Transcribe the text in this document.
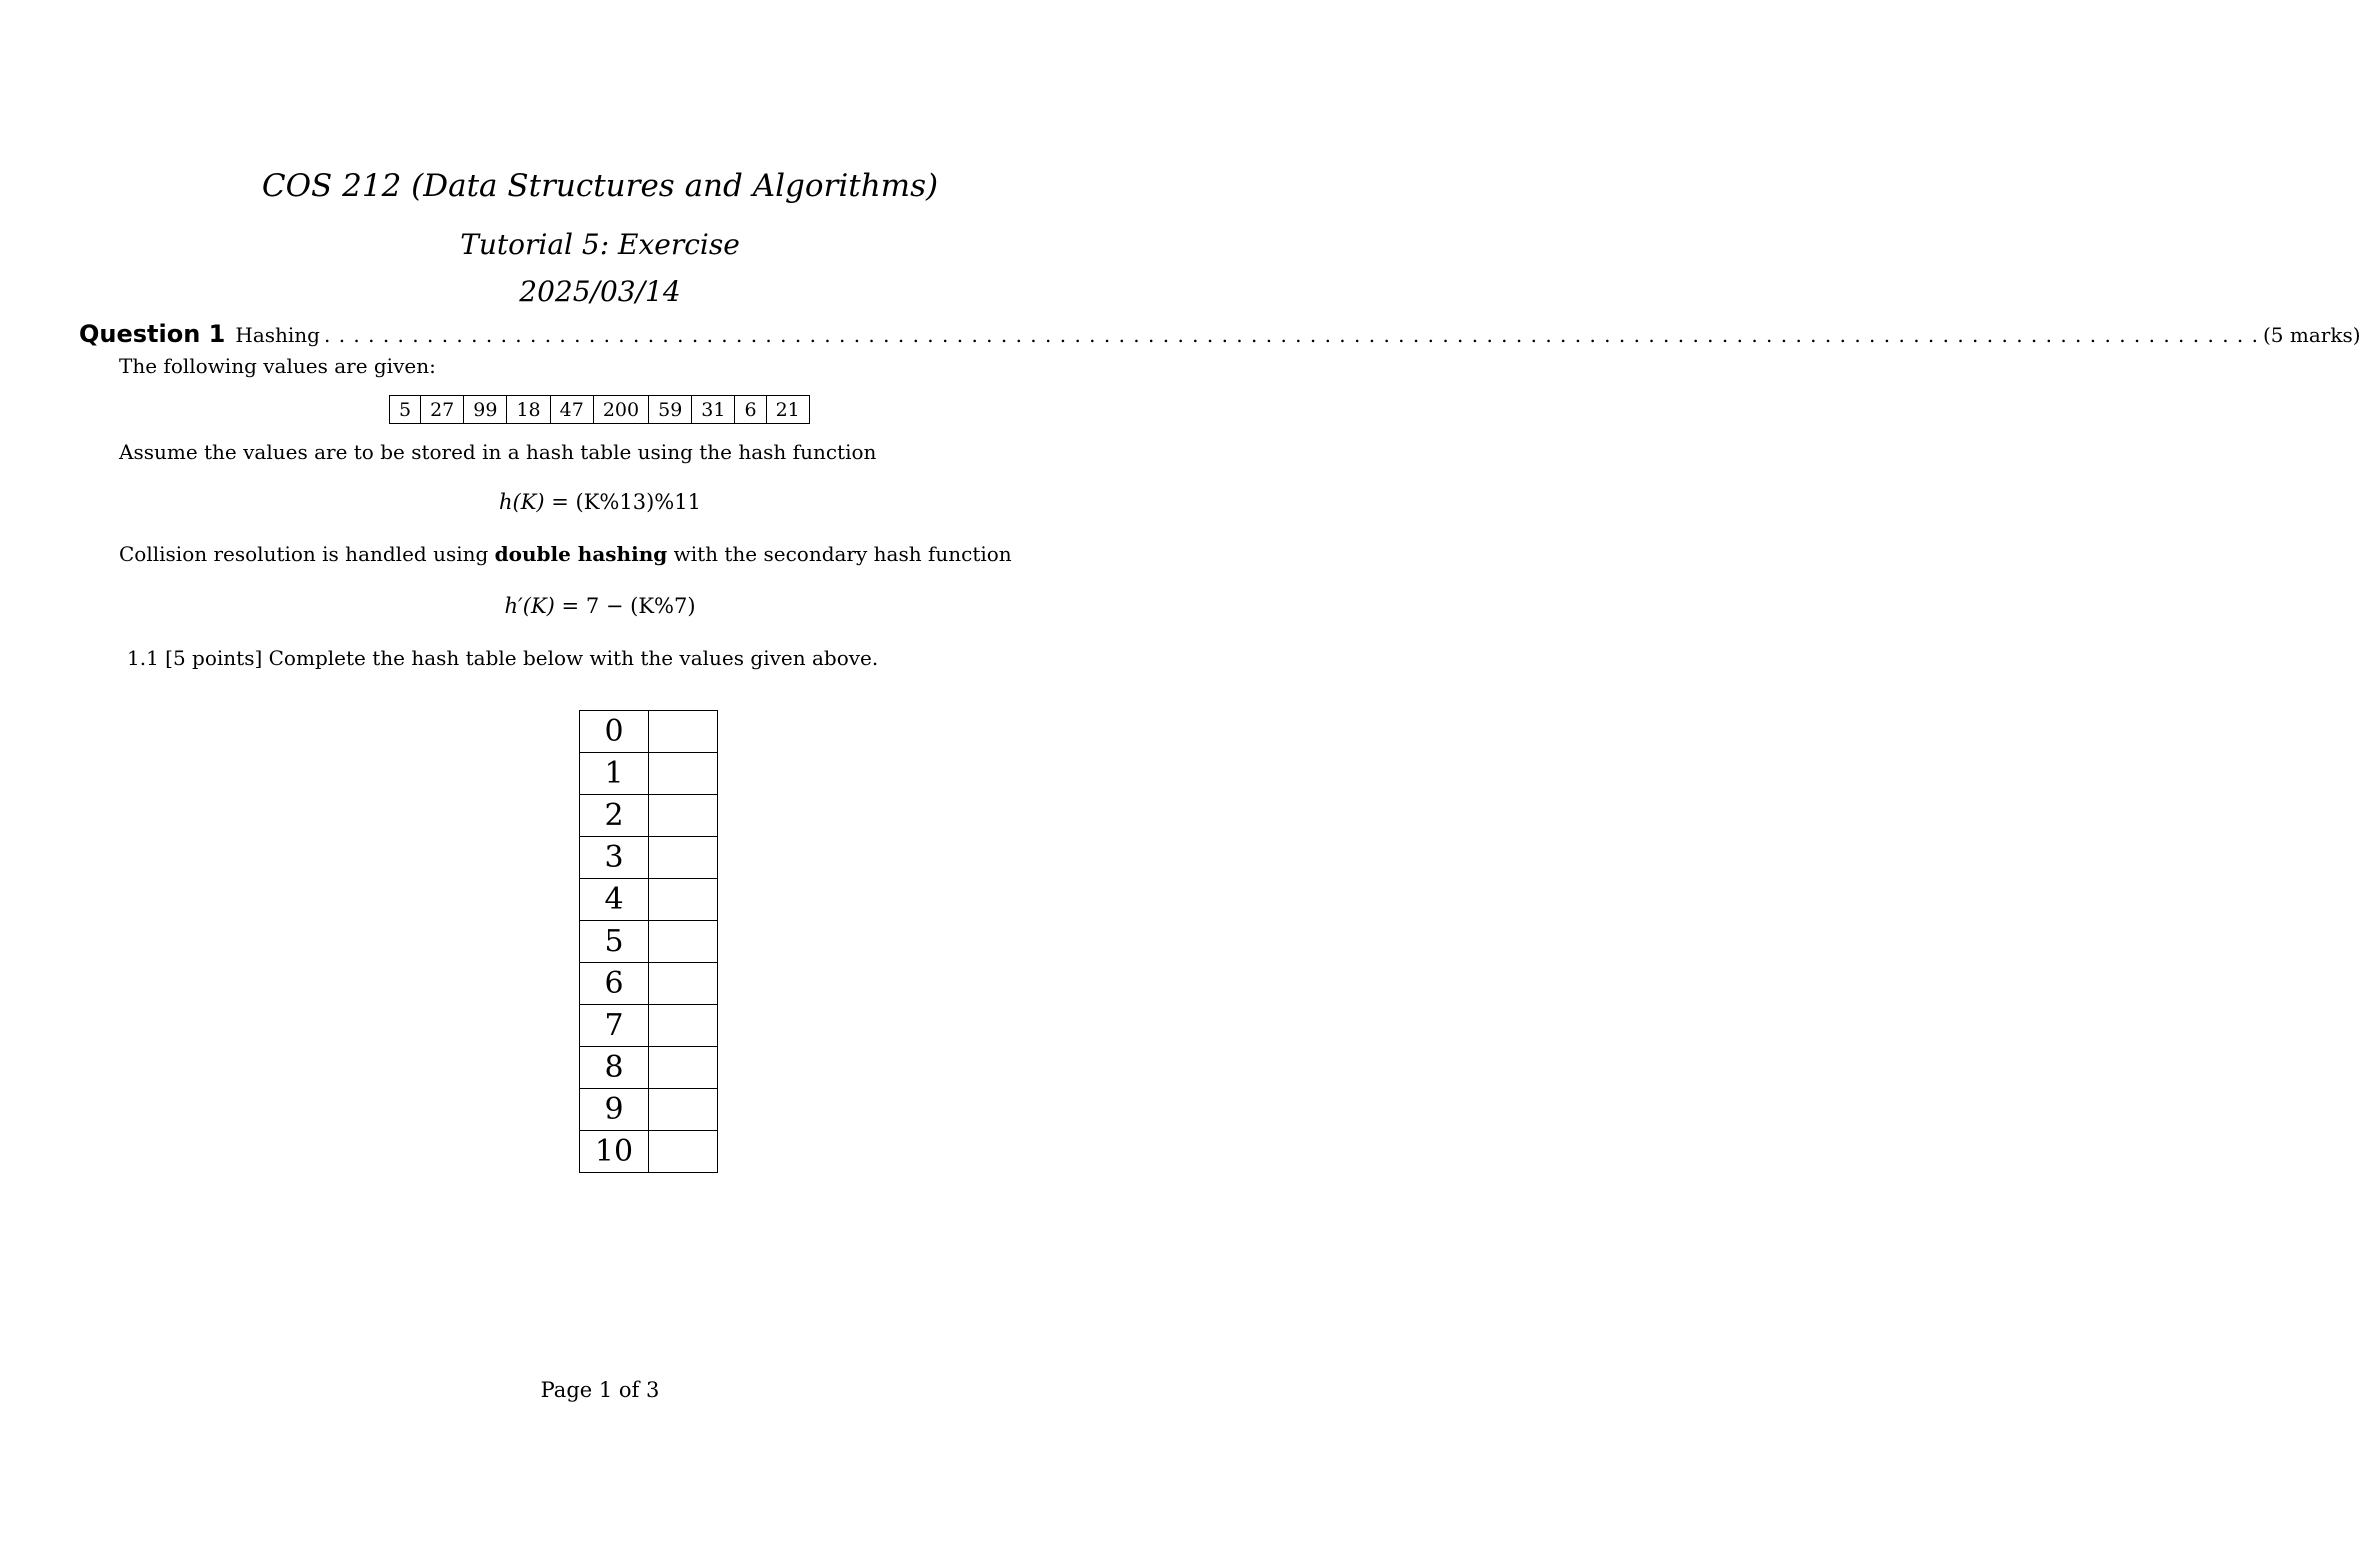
COS 212 (Data Structures and Algorithms)
Tutorial 5: Exercise
2025/03/14
Question 1 Hashing . . . . . . . . . . . . . . . . . . . . . . . . . . . . . . . . . . . . . . . . . . . . . . . . . . . . . . . . . . . . . . . . . . . . . . . . . . . . . . . . . . . . . . . . . . . . . . . . . . . . . . . . . . . . . . . . . . . . . . . . . . . . . . . . . . . . (5 marks)
The following values are given:
5	27	99	18	47	200	59	31	6	21
Assume the values are to be stored in a hash table using the hash function
h(K) = (K%13)%11
Collision resolution is handled using double hashing with the secondary hash function
h′(K) = 7 − (K%7)
1.1 [5 points] Complete the hash table below with the values given above.
0	
1	
2	
3	
4	
5	
6	
7	
8	
9	
10	
Page 1 of 3
